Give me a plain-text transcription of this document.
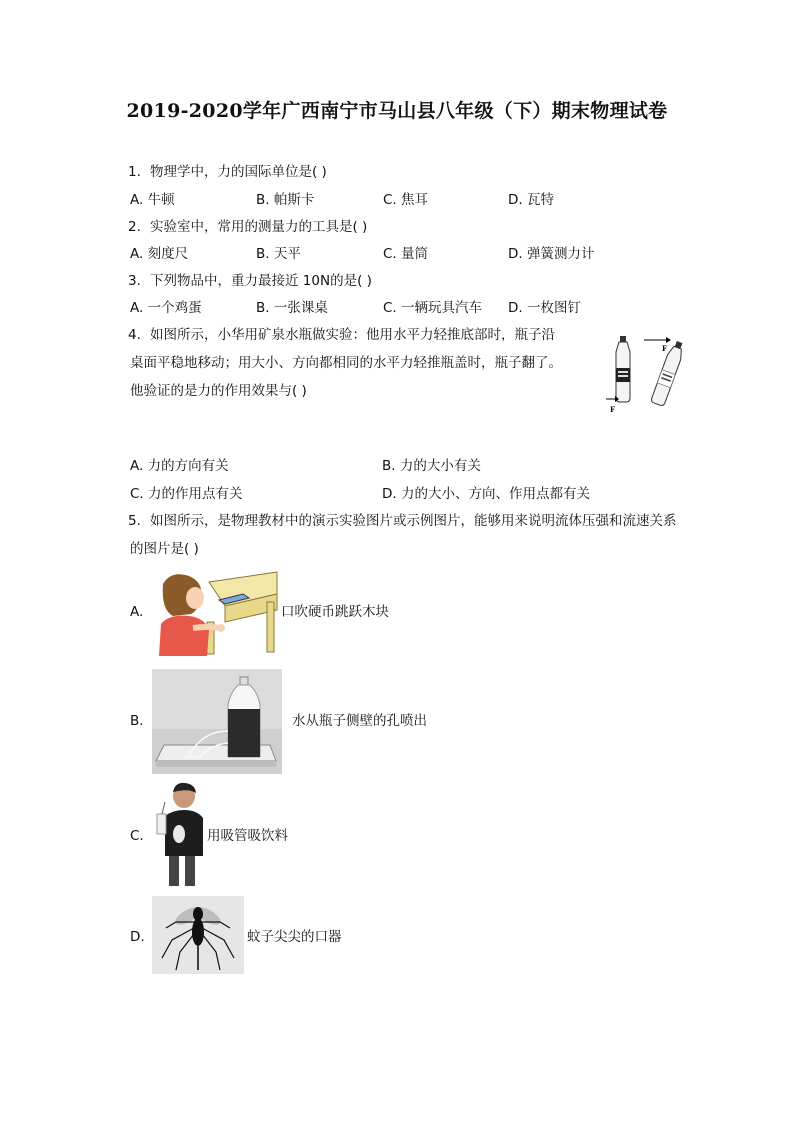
2019-2020学年广西南宁市马山县八年级（下）期末物理试卷
1. 物理学中，力的国际单位是( )
A. 牛顿	B. 帕斯卡	C. 焦耳	D. 瓦特
2. 实验室中，常用的测量力的工具是( )
A. 刻度尺	B. 天平	C. 量筒	D. 弹簧测力计
3. 下列物品中，重力最接近 10N的是( )
A. 一个鸡蛋	B. 一张课桌	C. 一辆玩具汽车 D. 一枚图钉
4. 如图所示，小华用矿泉水瓶做实验：他用水平力轻推底部时，瓶子沿
桌面平稳地移动；用大小、方向都相同的水平力轻推瓶盖时，瓶子翻了。
他验证的是力的作用效果与( )
F
F
A. 力的方向有关	B. 力的大小有关
C. 力的作用点有关	D. 力的大小、方向、作用点都有关
5. 如图所示，是物理教材中的演示实验图片或示例图片，能够用来说明流体压强和流速关系
的图片是( )
A.	口吹硬币跳跃木块
B.	水从瓶子侧壁的孔喷出
C.	用吸管吸饮料
D.	蚊子尖尖的口器
